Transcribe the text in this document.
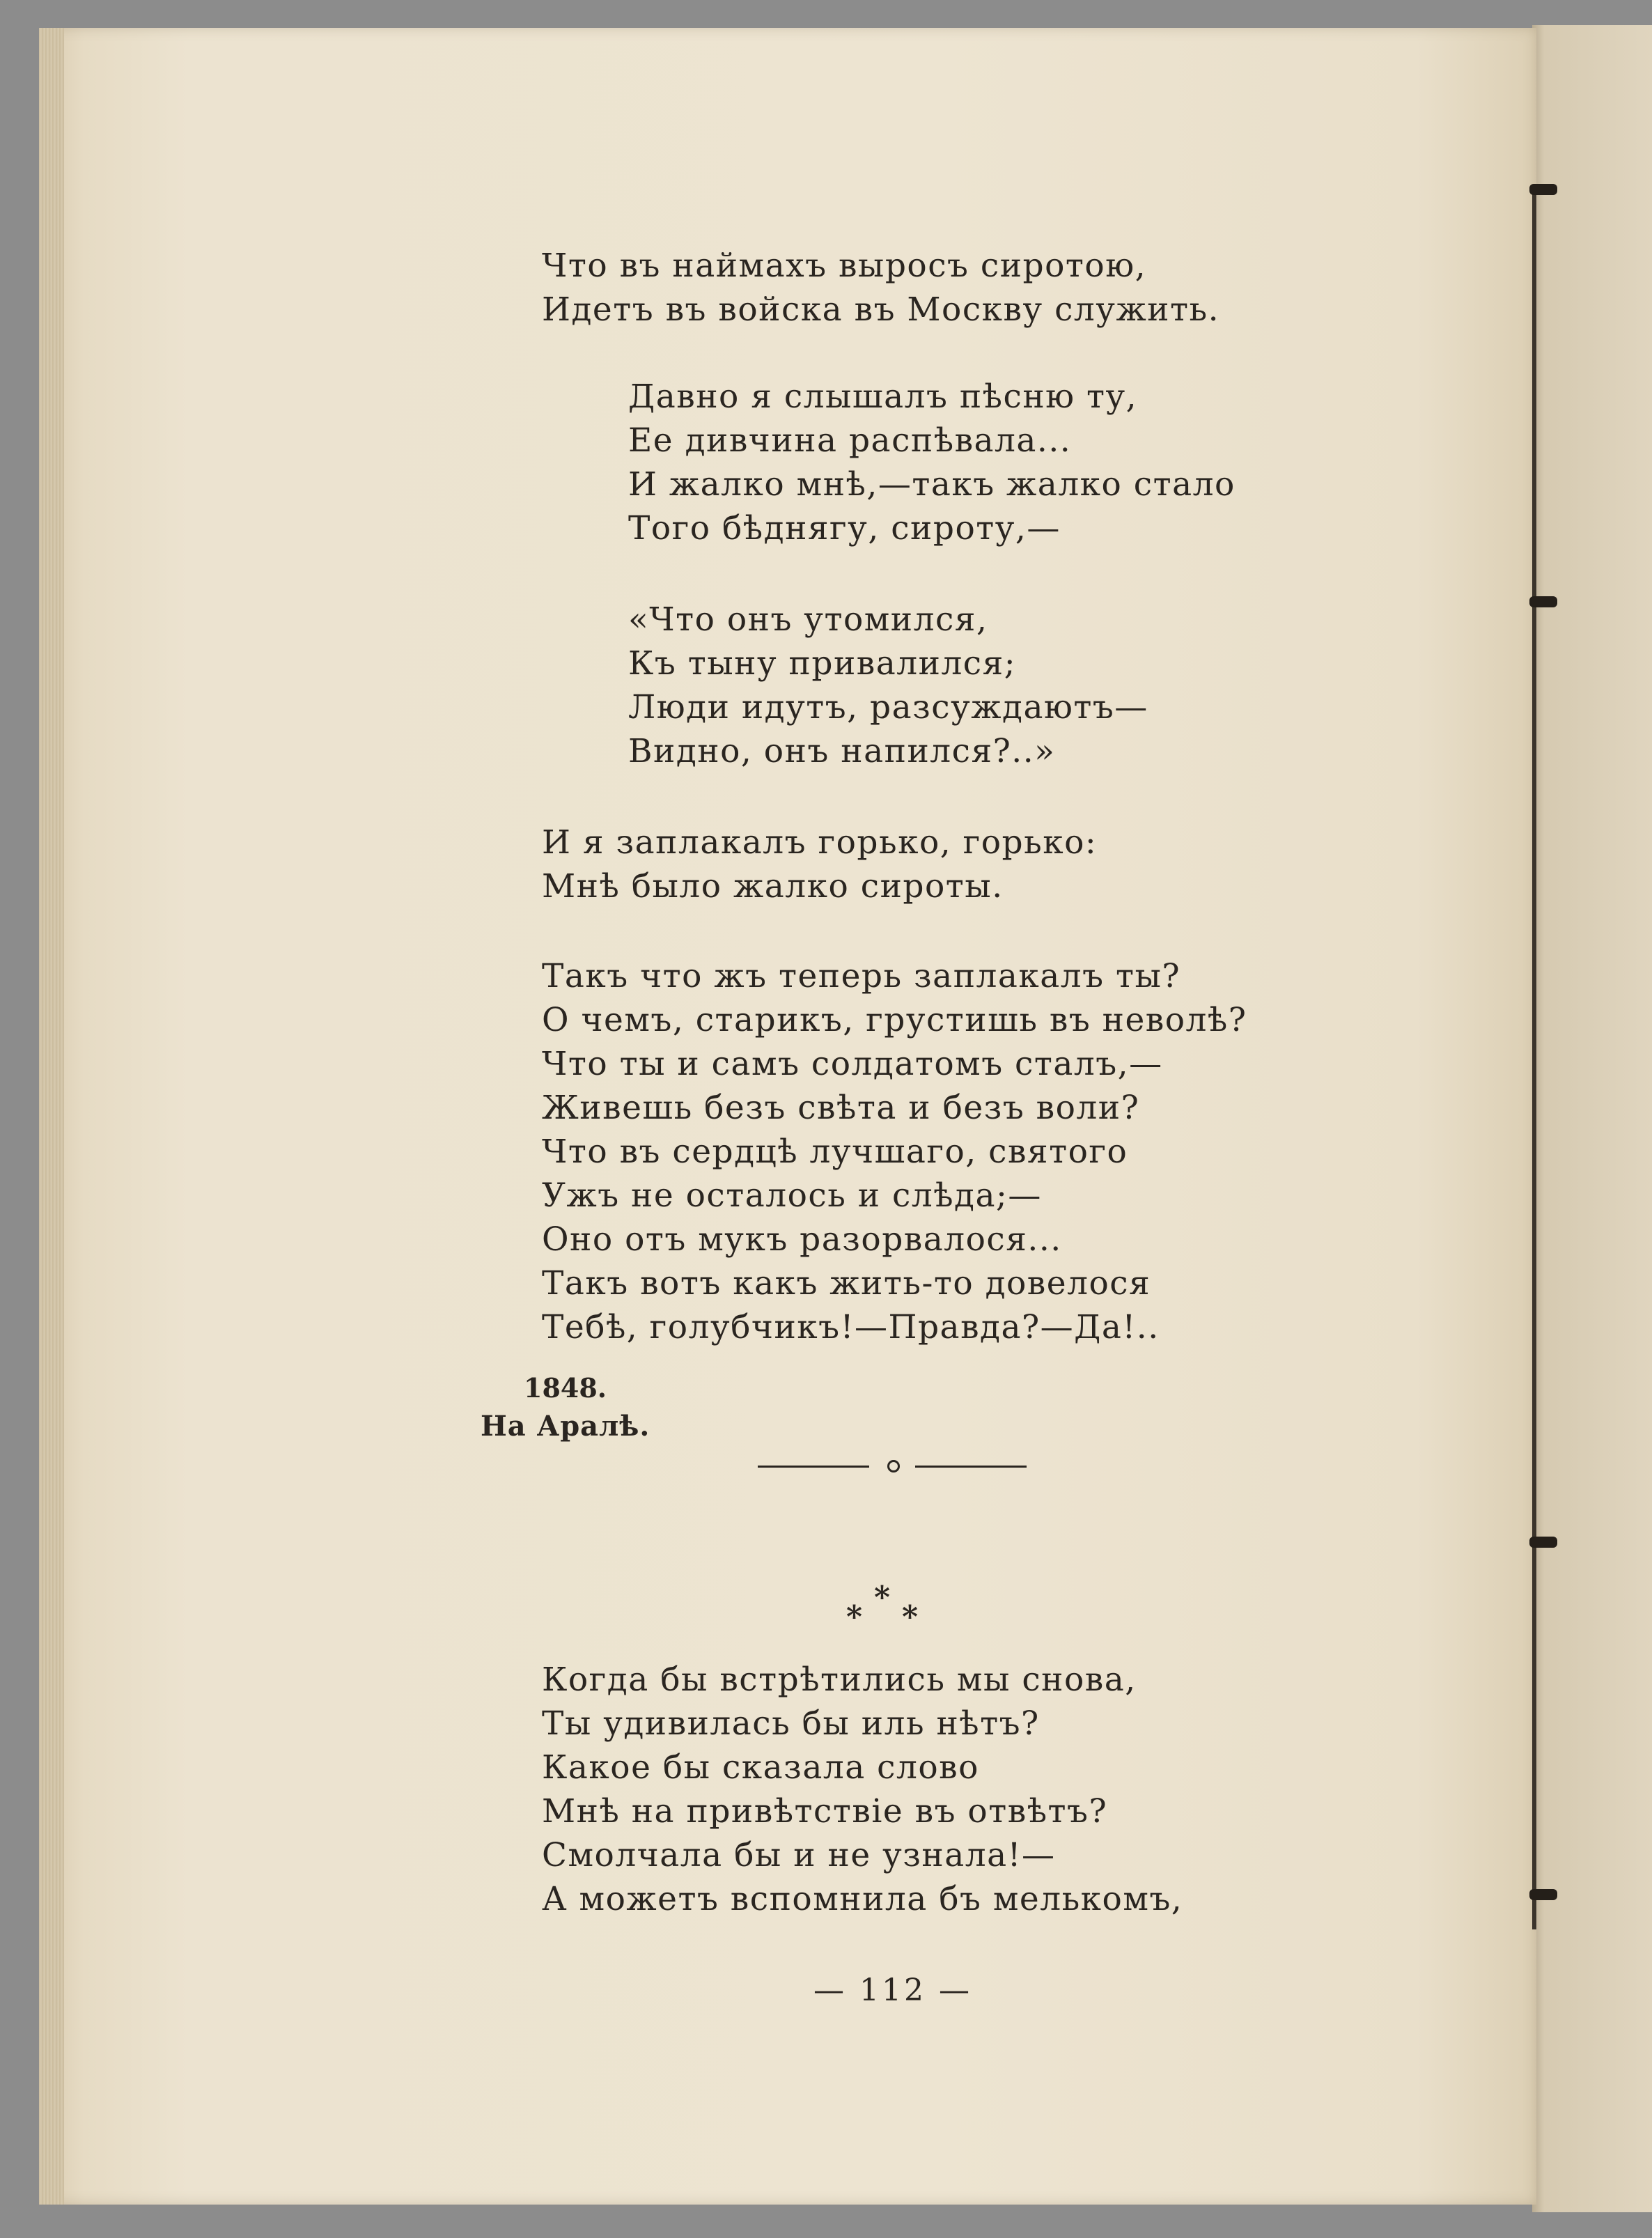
Что въ наймахъ выросъ сиротою,
Идетъ въ войска въ Москву служить.
Давно я слышалъ пѣсню ту,
Ее дивчина распѣвала...
И жалко мнѣ,—такъ жалко стало
Того бѣднягу, сироту,—
«Что онъ утомился,
Къ тыну привалился;
Люди идутъ, разсуждаютъ—
Видно, онъ напился?..»
И я заплакалъ горько, горько:
Мнѣ было жалко сироты.
Такъ что жъ теперь заплакалъ ты?
О чемъ, старикъ, грустишь въ неволѣ?
Что ты и самъ солдатомъ сталъ,—
Живешь безъ свѣта и безъ воли?
Что въ сердцѣ лучшаго, святого
Ужъ не осталось и слѣда;—
Оно отъ мукъ разорвалося...
Такъ вотъ какъ жить-то довелося
Тебѣ, голубчикъ!—Правда?—Да!..
1848.
На Аралѣ.
*
* *
Когда бы встрѣтились мы снова,
Ты удивилась бы иль нѣтъ?
Какое бы сказала слово
Мнѣ на привѣтствіе въ отвѣтъ?
Смолчала бы и не узнала!—
А можетъ вспомнила бъ мелькомъ,
— 112 —
